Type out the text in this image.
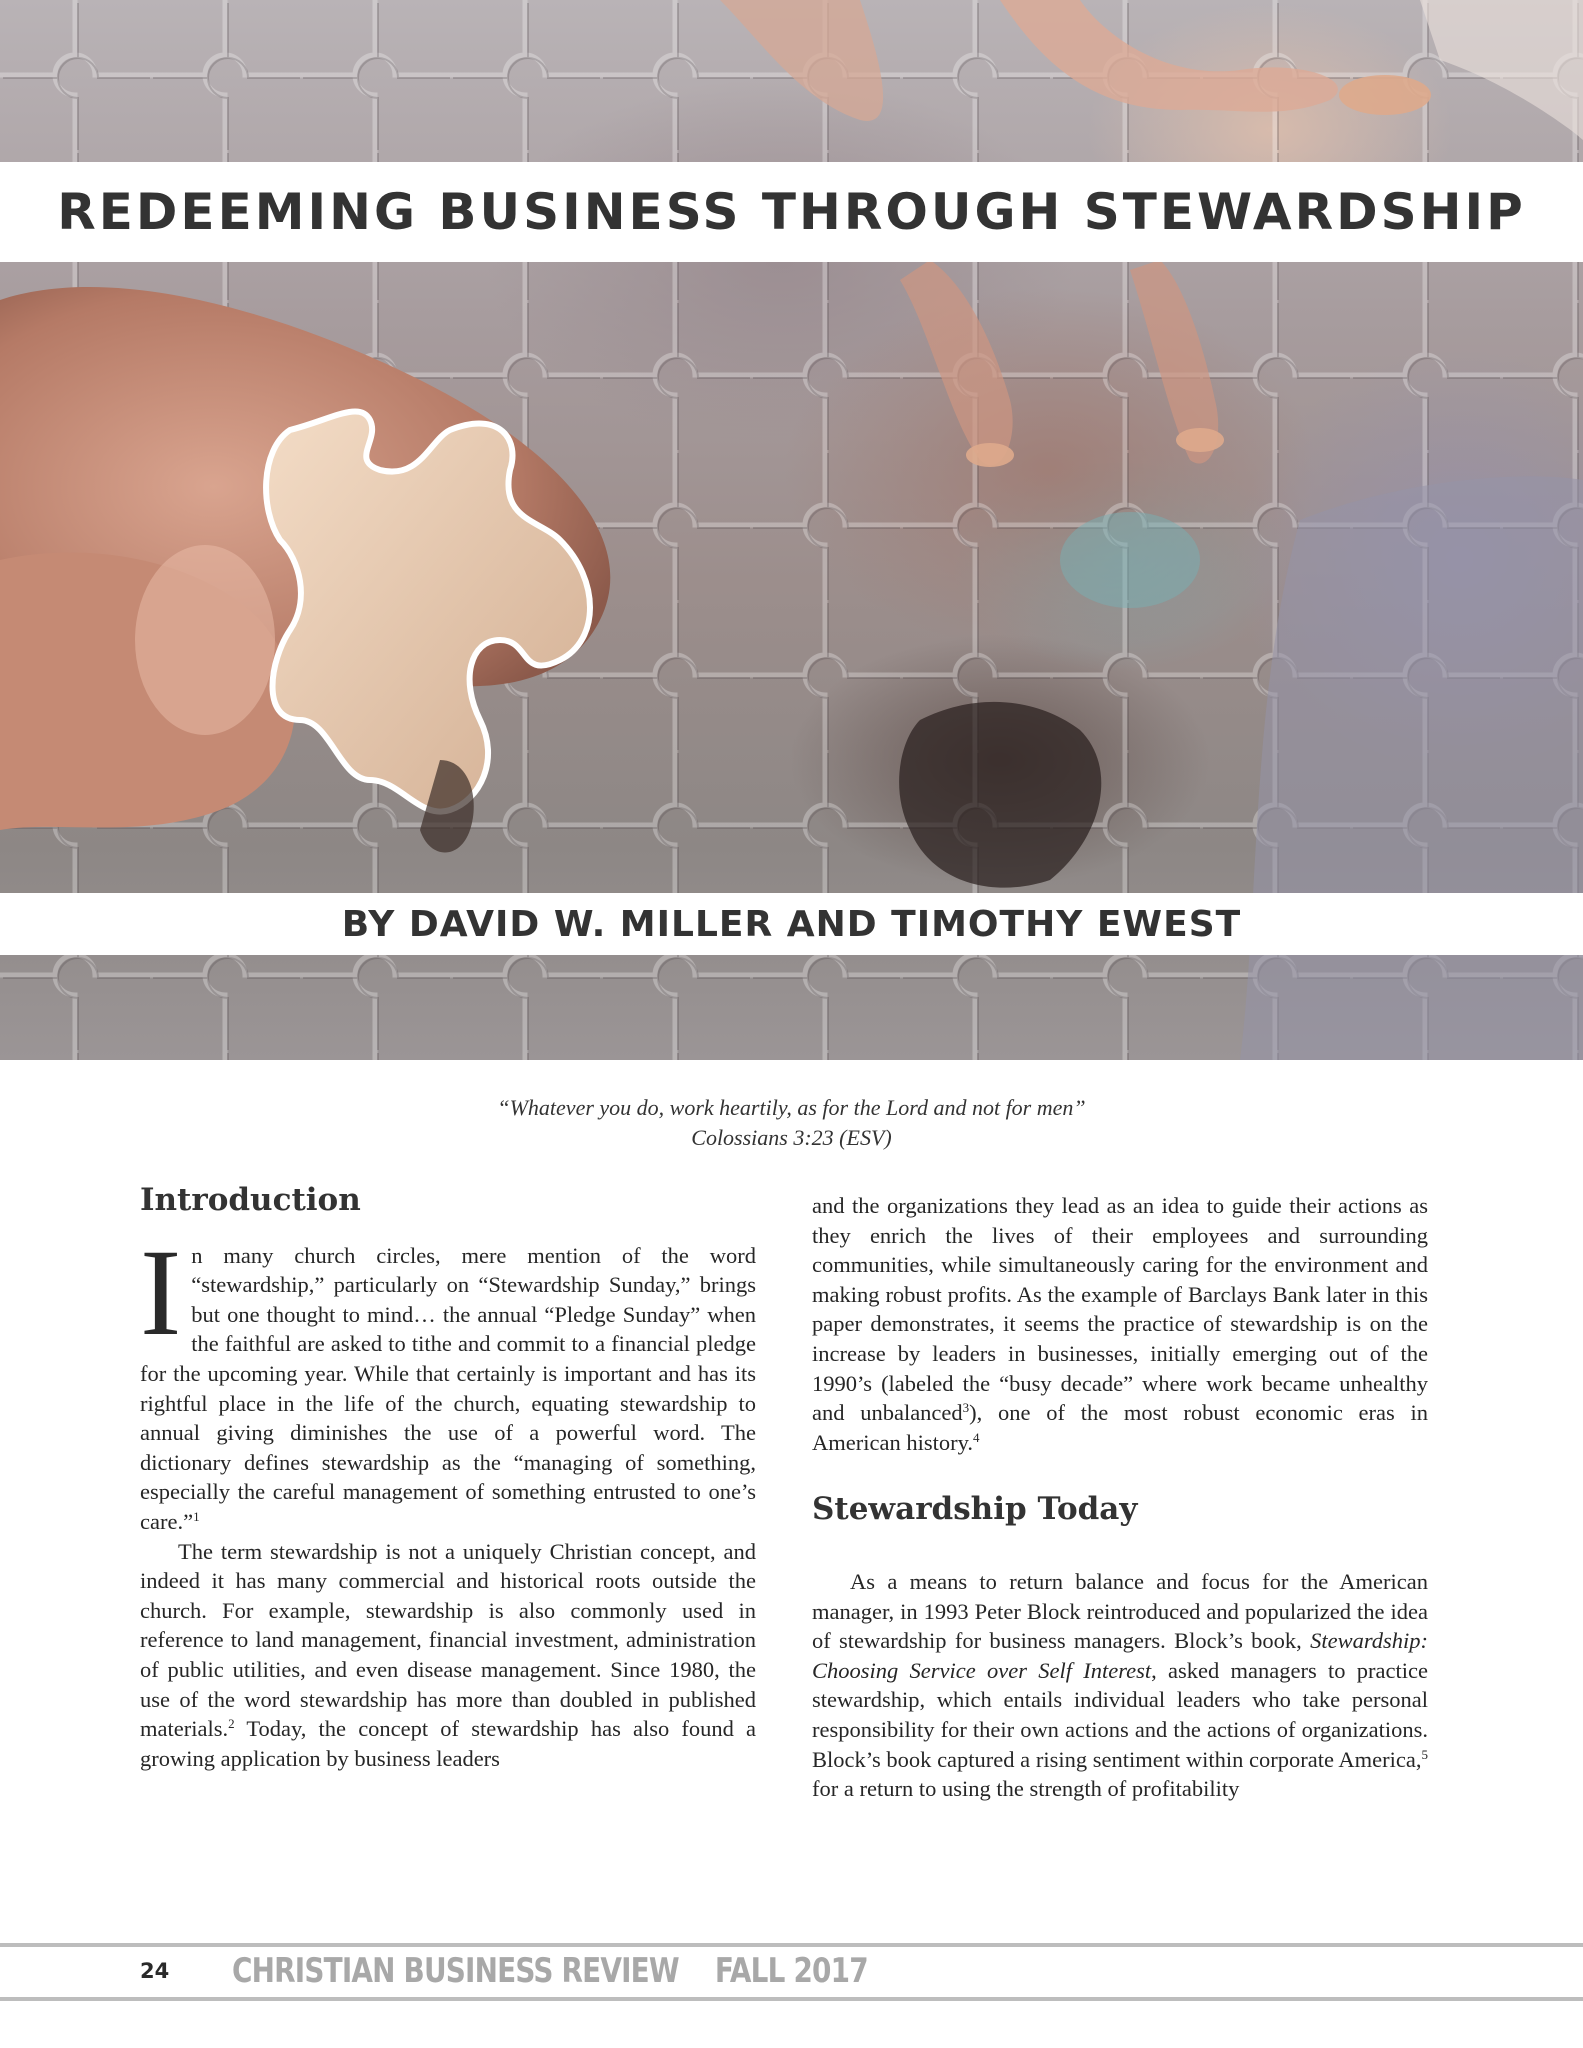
REDEEMING BUSINESS THROUGH STEWARDSHIP
BY DAVID W. MILLER AND TIMOTHY EWEST
“Whatever you do, work heartily, as for the Lord and not for men”
Colossians 3:23 (ESV)
Introduction

In many church circles, mere mention of the word “stewardship,” particularly on “Stewardship Sunday,” brings but one thought to mind… the annual “Pledge Sunday” when the faithful are asked to tithe and commit to a financial pledge for the upcoming year. While that certainly is important and has its rightful place in the life of the church, equating stewardship to annual giving diminishes the use of a powerful word. The dictionary defines stewardship as the “managing of something, especially the careful management of something entrusted to one’s care.”$^1$

The term stewardship is not a uniquely Christian concept, and indeed it has many commercial and historical roots outside the church. For example, stewardship is also commonly used in reference to land management, financial investment, administration of public utilities, and even disease management. Since 1980, the use of the word stewardship has more than doubled in published materials.$^2$ Today, the concept of stewardship has also found a growing application by business leaders

and the organizations they lead as an idea to guide their actions as they enrich the lives of their employees and surrounding communities, while simultaneously caring for the environment and making robust profits. As the example of Barclays Bank later in this paper demonstrates, it seems the practice of stewardship is on the increase by leaders in businesses, initially emerging out of the 1990’s (labeled the “busy decade” where work became unhealthy and unbalanced$^3$), one of the most robust economic eras in American history.$^4$

Stewardship Today

As a means to return balance and focus for the American manager, in 1993 Peter Block reintroduced and popularized the idea of stewardship for business managers. Block’s book, Stewardship: Choosing Service over Self Interest, asked managers to practice stewardship, which entails individual leaders who take personal responsibility for their own actions and the actions of organizations. Block’s book captured a rising sentiment within corporate America,$^5$ for a return to using the strength of profitability

24	CHRISTIAN BUSINESS REVIEW FALL 2017
